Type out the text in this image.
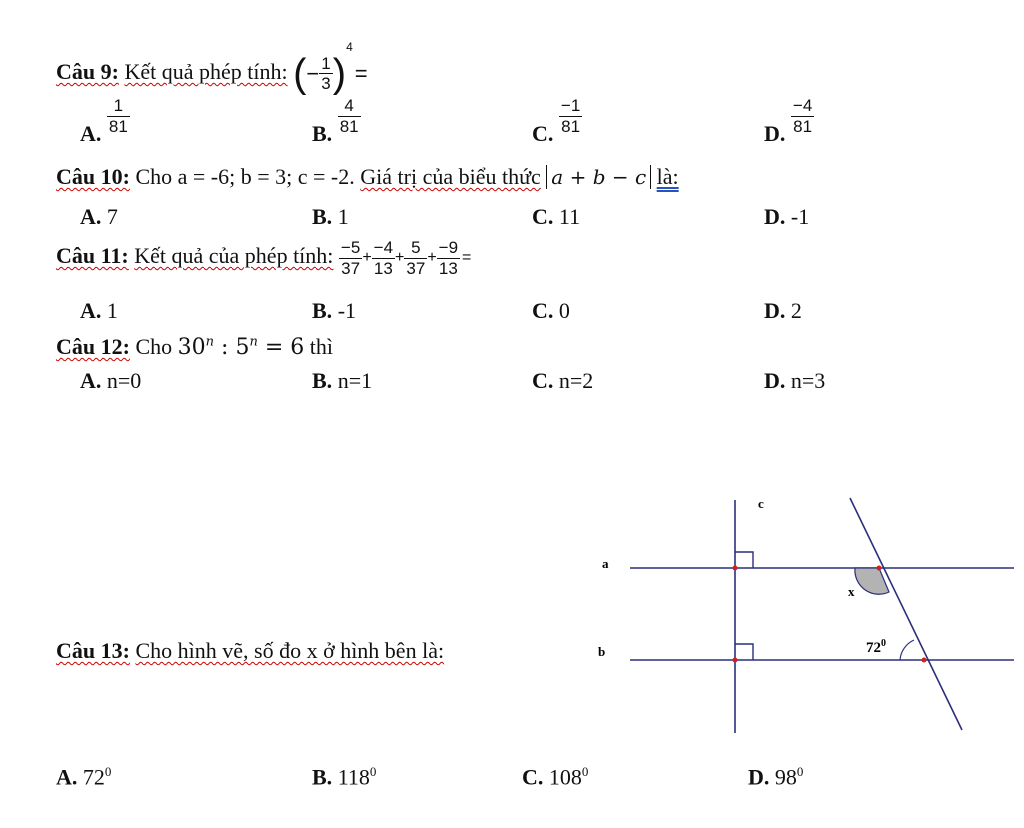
Câu 9: Kết quả phép tính: (− $\frac{1}{3} )^4=$
A. $\frac{1}{81}$	B. $\frac{4}{81}$	C. $\frac{-1}{81}$	D. $\frac{-4}{81}$
Câu 10: Cho a = -6; b = 3; c = -2. Giá trị của biểu thức a + b − c là:
A. 7	B. 1	C. 11	D. -1
Câu 11: Kết quả của phép tính: $\frac{-5}{37} + \frac{-4}{13} + \frac{5}{37} + \frac{-9}{13}$ =
A. 1	B. -1	C. 0	D. 2
Câu 12: Cho 30$^n$ : $5^n = 6$ thì
A. n=0	B. n=1	C. n=2	D. n=3
c
a
b
x
$72^0$
Câu 13: Cho hình vẽ, số đo x ở hình bên là:
A. $72^0$	B. $118^0$	C. $108^0$	D. $98^0$
